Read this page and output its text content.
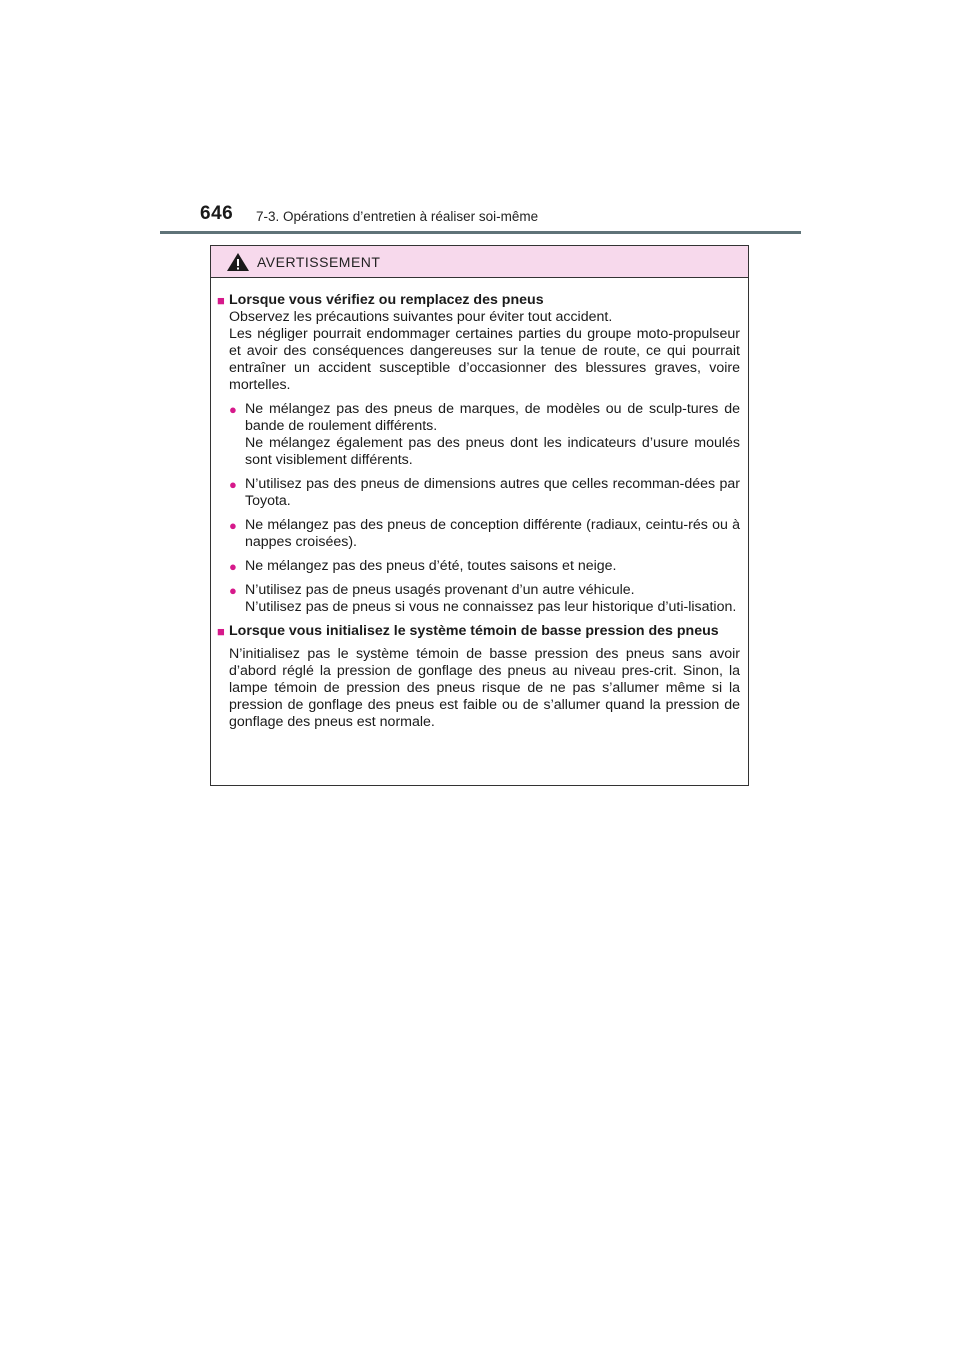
646 7-3. Opérations d’entretien à réaliser soi-même
AVERTISSEMENT
■ Lorsque vous vérifiez ou remplacez des pneus

Observez les précautions suivantes pour éviter tout accident.

Les négliger pourrait endommager certaines parties du groupe moto-propulseur et avoir des conséquences dangereuses sur la tenue de route, ce qui pourrait entraîner un accident susceptible d’occasionner des blessures graves, voire mortelles.

● Ne mélangez pas des pneus de marques, de modèles ou de sculp-tures de bande de roulement différents.

Ne mélangez également pas des pneus dont les indicateurs d’usure moulés sont visiblement différents.

● N’utilisez pas des pneus de dimensions autres que celles recomman-dées par Toyota.

● Ne mélangez pas des pneus de conception différente (radiaux, ceintu-rés ou à nappes croisées).

● Ne mélangez pas des pneus d’été, toutes saisons et neige.

● N’utilisez pas de pneus usagés provenant d’un autre véhicule.

N’utilisez pas de pneus si vous ne connaissez pas leur historique d’uti-lisation.

■ Lorsque vous initialisez le système témoin de basse pression des pneus

N’initialisez pas le système témoin de basse pression des pneus sans avoir d’abord réglé la pression de gonflage des pneus au niveau pres-crit. Sinon, la lampe témoin de pression des pneus risque de ne pas s’allumer même si la pression de gonflage des pneus est faible ou de s’allumer quand la pression de gonflage des pneus est normale.
